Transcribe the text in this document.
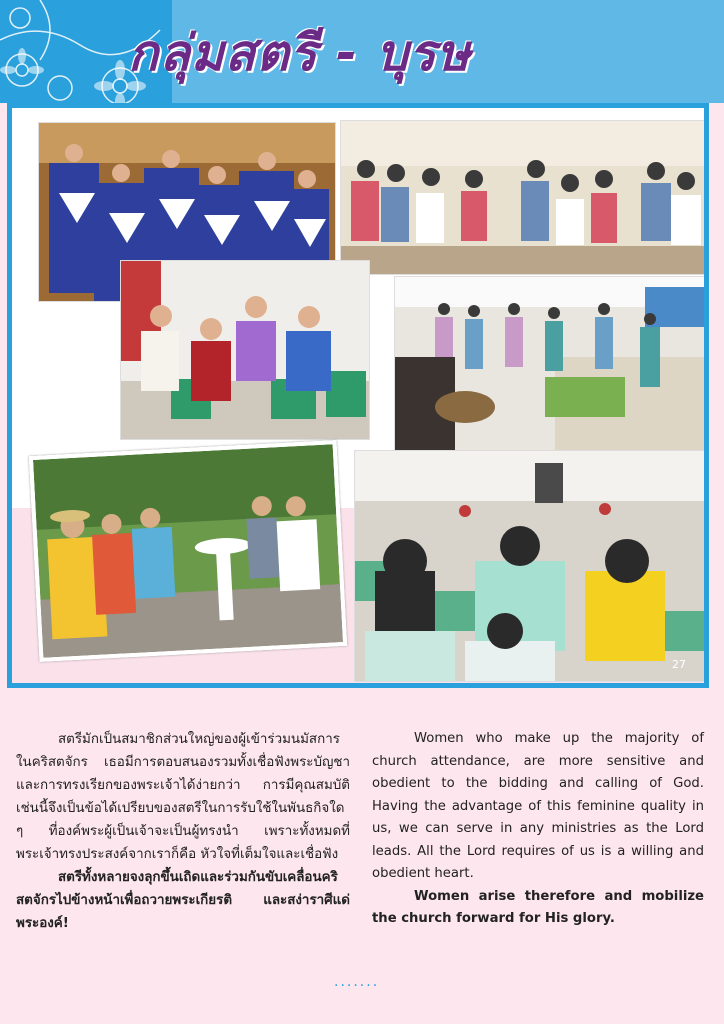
กลุ่มสตรี - บุรษ
27

สตรีมักเป็นสมาชิกส่วนใหญ่ของผู้เข้าร่วมนมัสการในคริสตจักร เธอมีการตอบสนองรวมทั้งเชื่อฟังพระบัญชาและการทรงเรียกของพระเจ้าได้ง่ายกว่า การมีคุณสมบัติเช่นนี้จึงเป็นข้อได้เปรียบของสตรีในการรับใช้ในพันธกิจใด ๆ ที่องค์พระผู้เป็นเจ้าจะเป็นผู้ทรงนำ เพราะทั้งหมดที่พระเจ้าทรงประสงค์จากเราก็คือ หัวใจที่เต็มใจและเชื่อฟัง

สตรีทั้งหลายจงลุกขึ้นเถิดและร่วมกันขับเคลื่อนคริสตจักรไปข้างหน้าเพื่อถวายพระเกียรติ และสง่าราศีแด่พระองค์!

Women who make up the majority of church attendance, are more sensitive and obedient to the bidding and calling of God. Having the advantage of this feminine quality in us, we can serve in any ministries as the Lord leads. All the Lord requires of us is a willing and obedient heart.

Women arise therefore and mobilize the church forward for His glory.

·······
